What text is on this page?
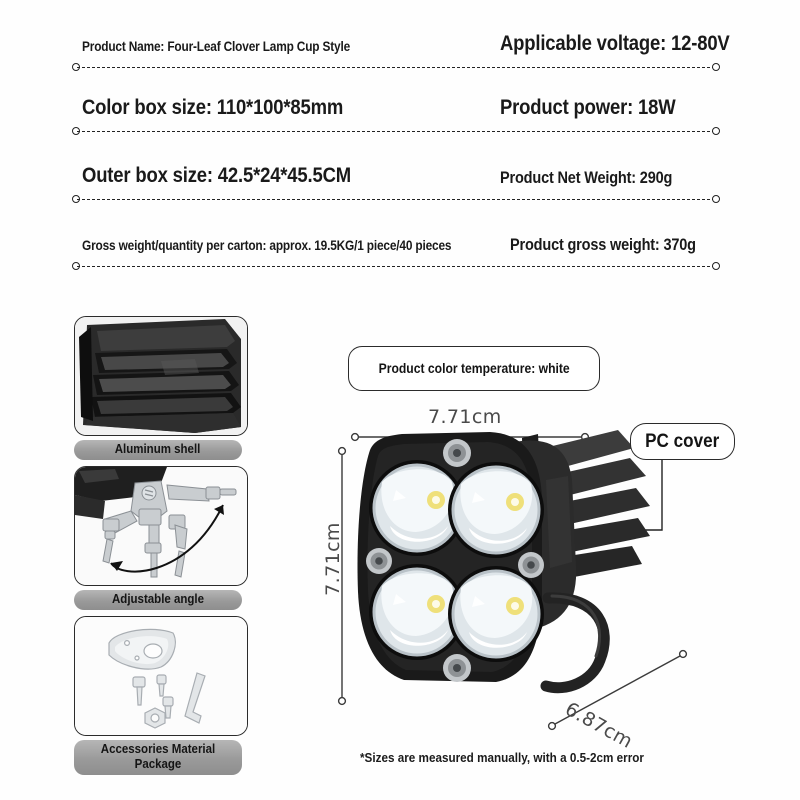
Product Name: Four-Leaf Clover Lamp Cup Style	Applicable voltage: 12-80V
Color box size: 110*100*85mm	Product power: 18W
Outer box size: 42.5*24*45.5CM	Product Net Weight: 290g
Gross weight/quantity per carton: approx. 19.5KG/1 piece/40 pieces	Product gross weight: 370g
Aluminum shell
Adjustable angle
Accessories Material Package
Product color temperature: white
PC cover
7.71cm
7.71cm
6.87cm
*Sizes are measured manually, with a 0.5-2cm error
